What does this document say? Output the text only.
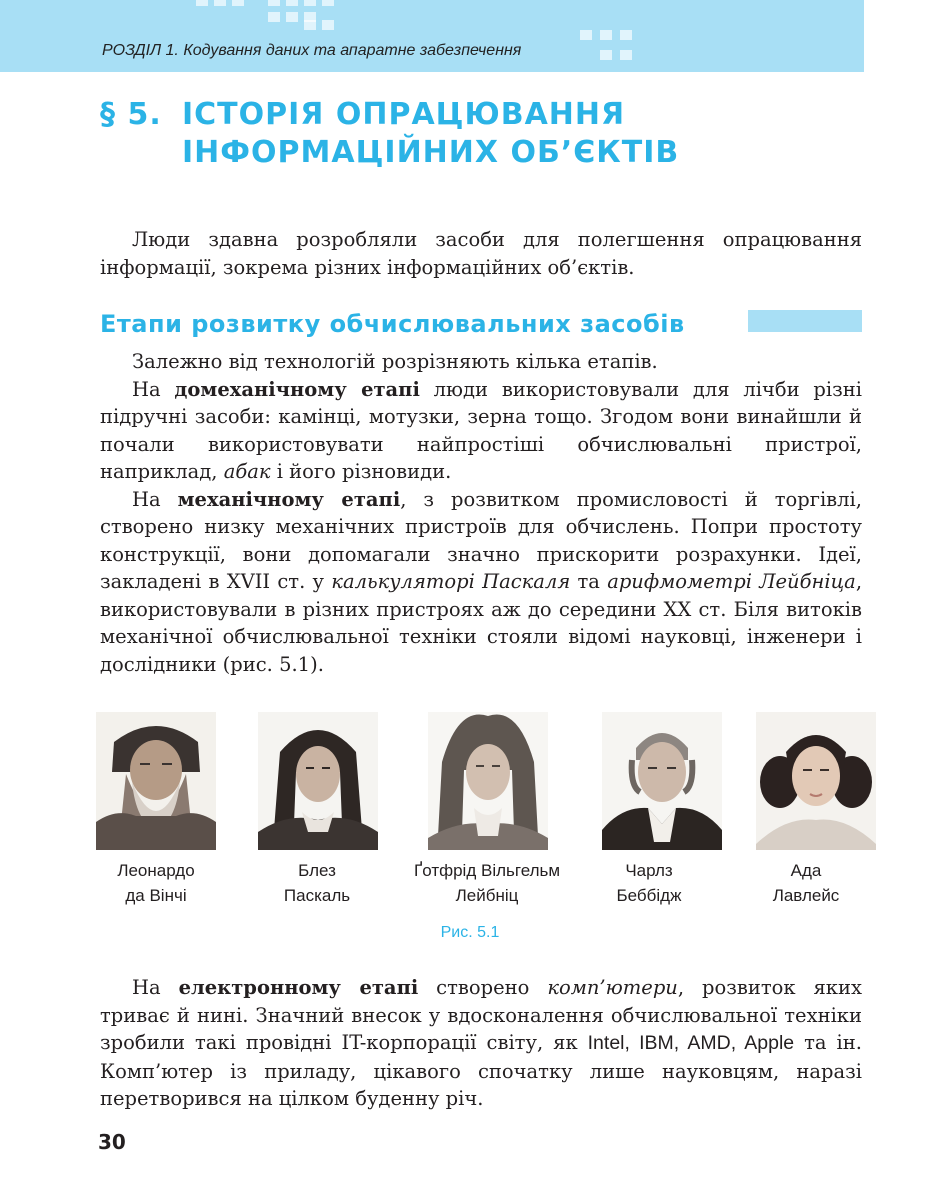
РОЗДІЛ 1. Кодування даних та апаратне забезпечення
§ 5. ІСТОРІЯ ОПРАЦЮВАННЯ
ІНФОРМАЦІЙНИХ ОБ’ЄКТІВ

Люди здавна розробляли засоби для полегшення опрацювання інформації, зокрема різних інформаційних об’єктів.

Етапи розвитку обчислювальних засобів

Залежно від технологій розрізняють кілька етапів.

На домеханічному етапі люди використовували для лічби різні підручні засоби: камінці, мотузки, зерна тощо. Згодом вони винайшли й почали використовувати найпростіші обчислювальні пристрої, наприклад, абак і його різновиди.

На механічному етапі, з розвитком промисловості й торгівлі, створено низку механічних пристроїв для обчислень. Попри простоту конструкції, вони допомагали значно прискорити розрахунки. Ідеї, закладені в XVII ст. у калькуляторі Паскаля та арифмометрі Лейбніца, використовували в різних пристроях аж до середини XX ст. Біля витоків механічної обчислювальної техніки стояли відомі науковці, інженери і дослідники (рис. 5.1).

Леонардо
да Вінчі
Блез
Паскаль
Ґотфрід Вільгельм
Лейбніц
Чарлз
Беббідж
Ада
Лавлейс
Рис. 5.1

На електронному етапі створено комп’ютери, розвиток яких триває й нині. Значний внесок у вдосконалення обчислювальної техніки зробили такі провідні IT-корпорації світу, як Intel, IBM, AMD, Apple та ін. Комп’ютер із приладу, цікавого спочатку лише науковцям, наразі перетворився на цілком буденну річ.

30
